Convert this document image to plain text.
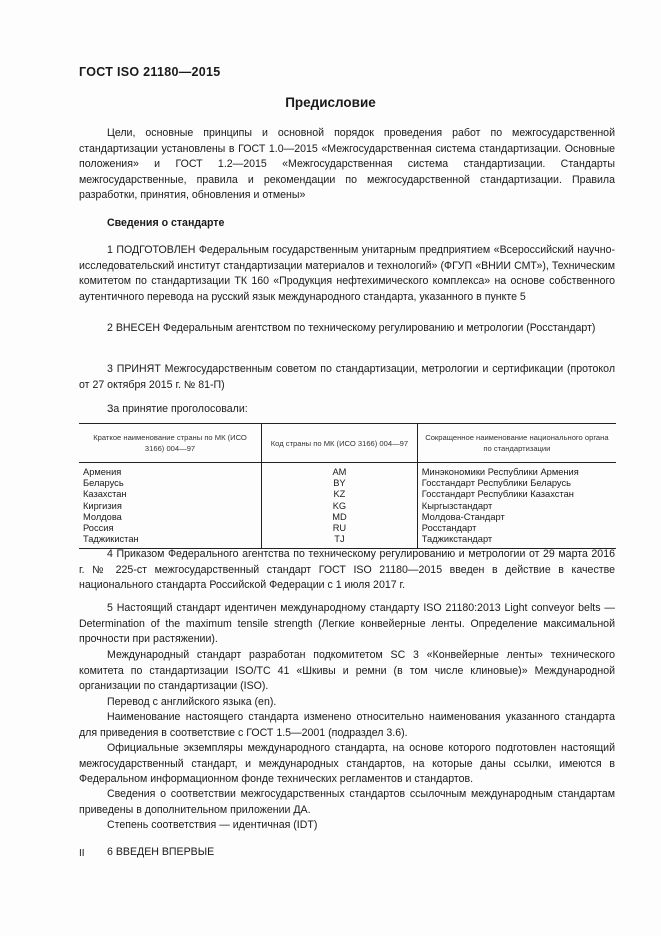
ГОСТ ISO 21180—2015
Предисловие
Цели, основные принципы и основной порядок проведения работ по межгосударственной стандартизации установлены в ГОСТ 1.0—2015 «Межгосударственная система стандартизации. Основные положения» и ГОСТ 1.2—2015 «Межгосударственная система стандартизации. Стандарты межгосударственные, правила и рекомендации по межгосударственной стандартизации. Правила разработки, принятия, обновления и отмены»
Сведения о стандарте
1 ПОДГОТОВЛЕН Федеральным государственным унитарным предприятием «Всероссийский научно-исследовательский институт стандартизации материалов и технологий» (ФГУП «ВНИИ СМТ»), Техническим комитетом по стандартизации ТК 160 «Продукция нефтехимического комплекса» на основе собственного аутентичного перевода на русский язык международного стандарта, указанного в пункте 5
2 ВНЕСЕН Федеральным агентством по техническому регулированию и метрологии (Росстандарт)
3 ПРИНЯТ Межгосударственным советом по стандартизации, метрологии и сертификации (протокол от 27 октября 2015 г. № 81-П)
За принятие проголосовали:
Краткое наименование страны по МК (ИСО 3166) 004—97	Код страны по МК (ИСО 3166) 004—97	Сокращенное наименование национального органа по стандартизации
Армения	AM	Минэкономики Республики Армения
Беларусь	BY	Госстандарт Республики Беларусь
Казахстан	KZ	Госстандарт Республики Казахстан
Киргизия	KG	Кыргызстандарт
Молдова	MD	Молдова-Стандарт
Россия	RU	Росстандарт
Таджикистан	TJ	Таджикстандарт
4 Приказом Федерального агентства по техническому регулированию и метрологии от 29 марта 2016 г. № 225-ст межгосударственный стандарт ГОСТ ISO 21180—2015 введен в действие в качестве национального стандарта Российской Федерации с 1 июля 2017 г.
5 Настоящий стандарт идентичен международному стандарту ISO 21180:2013 Light conveyor belts — Determination of the maximum tensile strength (Легкие конвейерные ленты. Определение максимальной прочности при растяжении).
Международный стандарт разработан подкомитетом SC 3 «Конвейерные ленты» технического комитета по стандартизации ISO/TC 41 «Шкивы и ремни (в том числе клиновые)» Международной организации по стандартизации (ISO).
Перевод с английского языка (en).
Наименование настоящего стандарта изменено относительно наименования указанного стандарта для приведения в соответствие с ГОСТ 1.5—2001 (подраздел 3.6).
Официальные экземпляры международного стандарта, на основе которого подготовлен настоящий межгосударственный стандарт, и международных стандартов, на которые даны ссылки, имеются в Федеральном информационном фонде технических регламентов и стандартов.
Сведения о соответствии межгосударственных стандартов ссылочным международным стандартам приведены в дополнительном приложении ДА.
Степень соответствия — идентичная (IDT)
6 ВВЕДЕН ВПЕРВЫЕ
II
